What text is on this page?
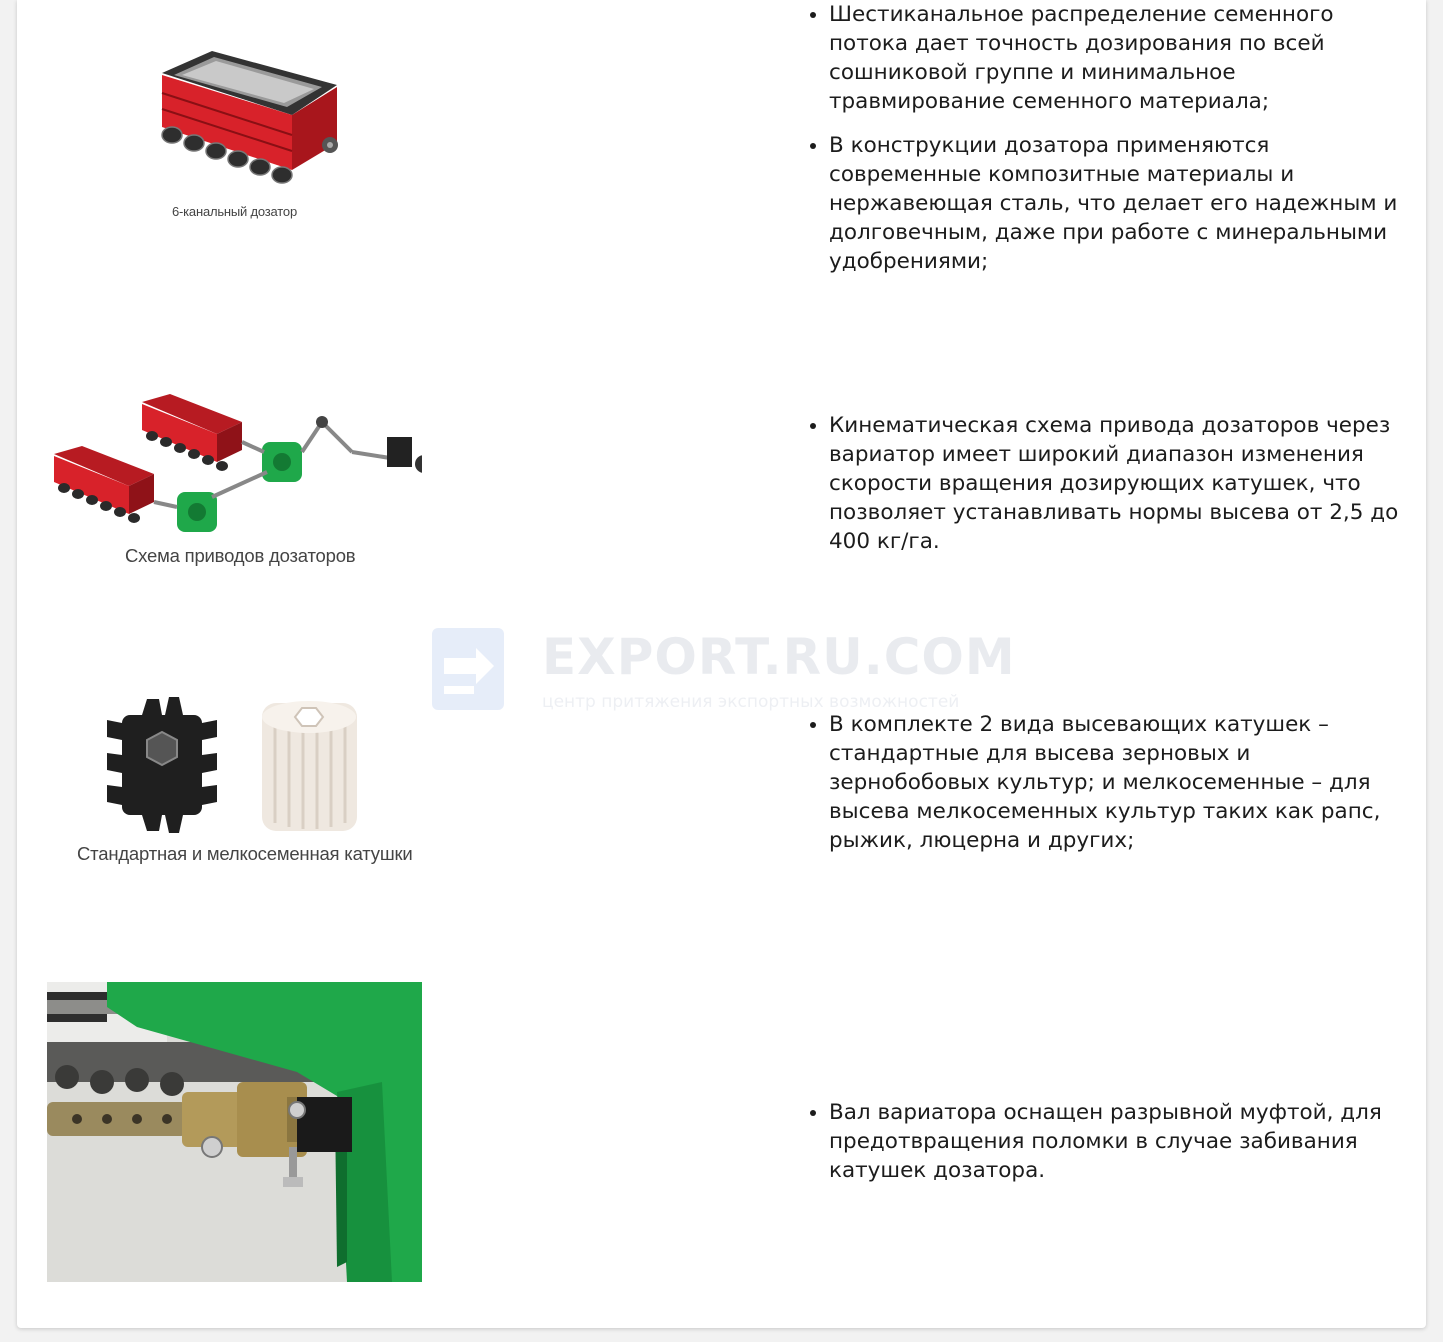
6-канальный дозатор
• Шестиканальное распределение семенного потока дает точность дозирования по всей сошниковой группе и минимальное травмирование семенного материала;
• В конструкции дозатора применяются современные композитные материалы и нержавеющая сталь, что делает его надежным и долговечным, даже при работе с минеральными удобрениями;
Схема приводов дозаторов
• Кинематическая схема привода дозаторов через вариатор имеет широкий диапазон изменения скорости вращения дозирующих катушек, что позволяет устанавливать нормы высева от 2,5 до 400 кг/га.
Стандартная и мелкосеменная катушки
• В комплекте 2 вида высевающих катушек – стандартные для высева зерновых и зернобобовых культур; и мелкосеменные – для высева мелкосеменных культур таких как рапс, рыжик, люцерна и других;
• Вал вариатора оснащен разрывной муфтой, для предотвращения поломки в случае забивания катушек дозатора.
EXPORT.RU.COM
центр притяжения экспортных возможностей
